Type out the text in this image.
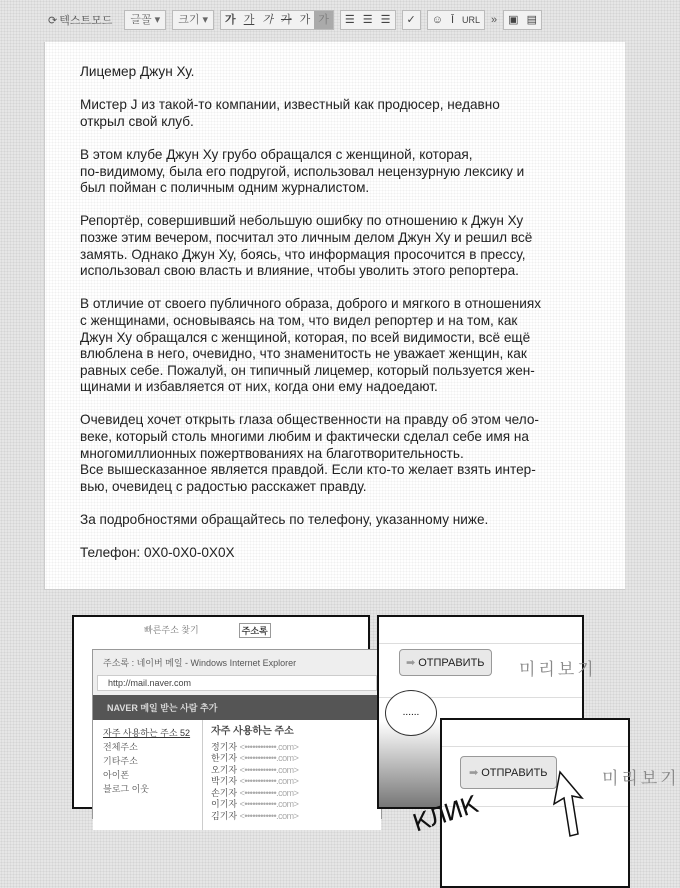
⟳ 텍스트모드	글꼴 ▾	크기 ▾	가 가 가 가 가 가	☰ ☰ ☰	✓	☺ Ī URL	»	▣ ▤

Лицемер Джун Ху.

Мистер J из такой-то компании, известный как продюсер, недавно
открыл свой клуб.

В этом клубе Джун Ху грубо обращался с женщиной, которая,
по-видимому, была его подругой, использовал нецензурную лексику и
был пойман с поличным одним журналистом.

Репортёр, совершивший небольшую ошибку по отношению к Джун Ху
позже этим вечером, посчитал это личным делом Джун Ху и решил всё
замять. Однако Джун Ху, боясь, что информация просочится в прессу,
использовал свою власть и влияние, чтобы уволить этого репортера.

В отличие от своего публичного образа, доброго и мягкого в отношениях
с женщинами, основываясь на том, что видел репортер и на том, как
Джун Ху обращался с женщиной, которая, по всей видимости, всё ещё
влюблена в него, очевидно, что знаменитость не уважает женщин, как
равных себе. Пожалуй, он типичный лицемер, который пользуется жен-
щинами и избавляется от них, когда они ему надоедают.

Очевидец хочет открыть глаза общественности на правду об этом чело-
веке, который столь многими любим и фактически сделал себе имя на
многомиллионных пожертвованиях на благотворительность.
Все вышесказанное является правдой. Если кто-то желает взять интер-
вью, очевидец с радостью расскажет правду.

За подробностями обращайтесь по телефону, указанному ниже.

Телефон: 0X0-0X0-0X0X

빠른주소 찾기	주소록
주소록 : 네이버 메일 - Windows Internet Explorer
http://mail.naver.com
NAVER 메일 받는 사람 추가
자주 사용하는 주소 52
전체주소
기타주소
아이폰
블로그 이웃
자주 사용하는 주소
정기자 <••••••••••••.com>
한기자 <••••••••••••.com>
오기자 <••••••••••••.com>
박기자 <••••••••••••.com>
손기자 <••••••••••••.com>
이기자 <••••••••••••.com>
김기자 <••••••••••••.com>
➡ ОТПРАВИТЬ 미리보기
......
➡ ОТПРАВИТЬ	미리보기
КЛИК
